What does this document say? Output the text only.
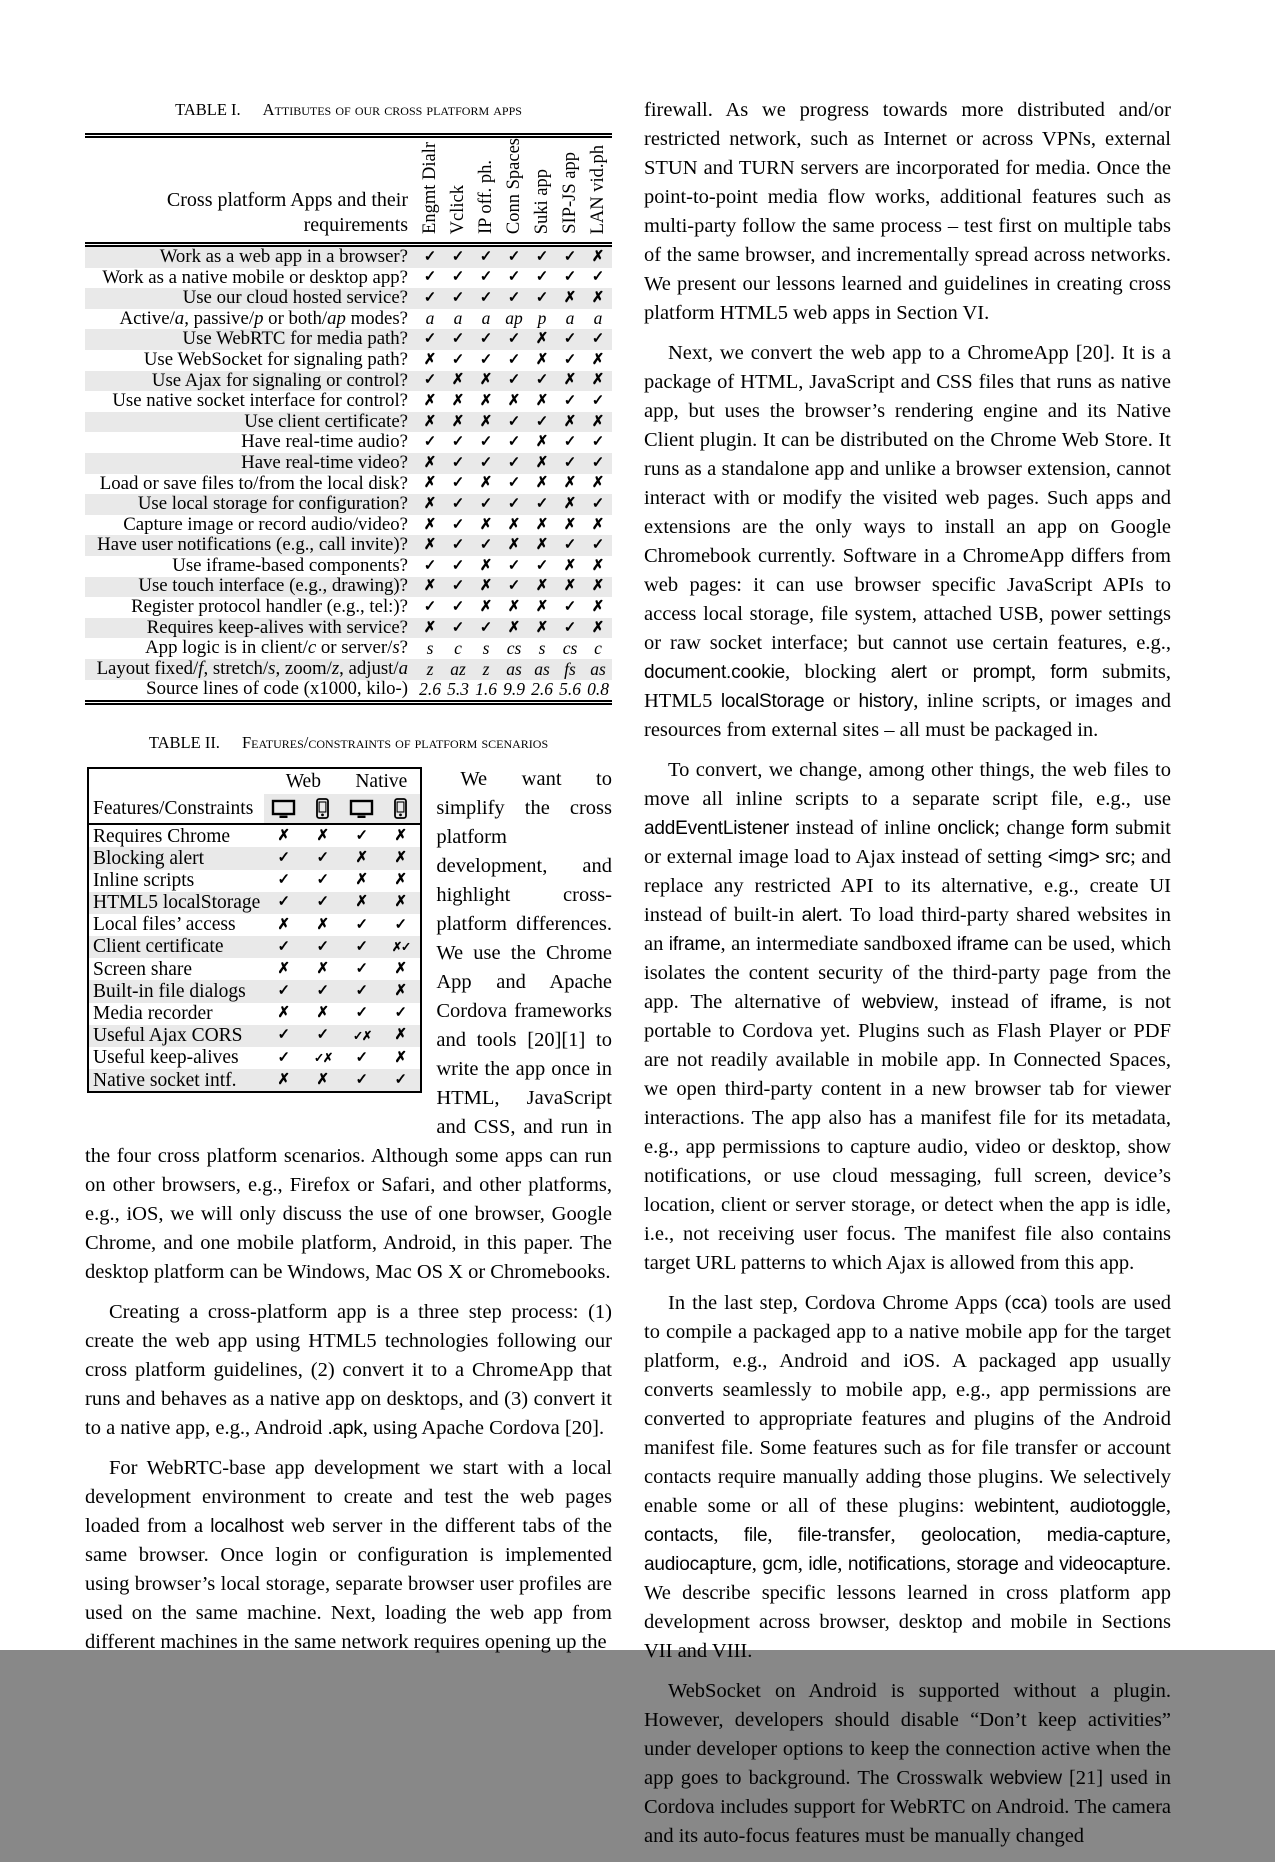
TABLE I. Attibutes of our cross platform apps
Cross platform Apps and their requirements	Engmt Dialr	Vclick	IP off. ph.	Conn Spaces	Suki app	SIP-JS app	LAN vid.ph
Work as a web app in a browser?	✓	✓	✓	✓	✓	✓	✗
Work as a native mobile or desktop app?	✓	✓	✓	✓	✓	✓	✓
Use our cloud hosted service?	✓	✓	✓	✓	✓	✗	✗
Active/a, passive/p or both/ap modes?	a	a	a	ap	p	a	a
Use WebRTC for media path?	✓	✓	✓	✓	✗	✓	✓
Use WebSocket for signaling path?	✗	✓	✓	✓	✗	✓	✗
Use Ajax for signaling or control?	✓	✗	✗	✓	✓	✗	✗
Use native socket interface for control?	✗	✗	✗	✗	✗	✓	✓
Use client certificate?	✗	✗	✗	✓	✓	✗	✗
Have real-time audio?	✓	✓	✓	✓	✗	✓	✓
Have real-time video?	✗	✓	✓	✓	✗	✓	✓
Load or save files to/from the local disk?	✗	✓	✗	✓	✗	✗	✗
Use local storage for configuration?	✗	✓	✓	✓	✓	✗	✓
Capture image or record audio/video?	✗	✓	✗	✗	✗	✗	✗
Have user notifications (e.g., call invite)?	✗	✓	✓	✗	✗	✓	✓
Use iframe-based components?	✓	✓	✗	✓	✓	✗	✗
Use touch interface (e.g., drawing)?	✗	✓	✗	✓	✗	✗	✗
Register protocol handler (e.g., tel:)?	✓	✓	✗	✗	✗	✓	✗
Requires keep-alives with service?	✗	✓	✓	✗	✗	✓	✗
App logic is in client/c or server/s?	s	c	s	cs	s	cs	c
Layout fixed/f, stretch/s, zoom/z, adjust/a	z	az	z	as	as	fs	as
Source lines of code (x1000, kilo-)	2.6	5.3	1.6	9.9	2.6	5.6	0.8
TABLE II. Features/constraints of platform scenarios
	Web		Native	
Features/Constraints				
Requires Chrome	✗	✗	✓	✗
Blocking alert	✓	✓	✗	✗
Inline scripts	✓	✓	✗	✗
HTML5 localStorage	✓	✓	✗	✗
Local files’ access	✗	✗	✓	✓
Client certificate	✓	✓	✓	✗✓
Screen share	✗	✗	✓	✗
Built-in file dialogs	✓	✓	✓	✗
Media recorder	✗	✗	✓	✓
Useful Ajax CORS	✓	✓	✓✗	✗
Useful keep-alives	✓	✓✗	✓	✗
Native socket intf.	✗	✗	✓	✓

We want to simplify the cross platform development, and highlight cross-platform differences. We use the Chrome App and Apache Cordova frameworks and tools [20][1] to write the app once in HTML, JavaScript and CSS, and run in the four cross platform scenarios. Although some apps can run on other browsers, e.g., Firefox or Safari, and other platforms, e.g., iOS, we will only discuss the use of one browser, Google Chrome, and one mobile platform, Android, in this paper. The desktop platform can be Windows, Mac OS X or Chromebooks.

Creating a cross-platform app is a three step process: (1) create the web app using HTML5 technologies following our cross platform guidelines, (2) convert it to a ChromeApp that runs and behaves as a native app on desktops, and (3) convert it to a native app, e.g., Android .apk, using Apache Cordova [20].

For WebRTC-base app development we start with a local development environment to create and test the web pages loaded from a localhost web server in the different tabs of the same browser. Once login or configuration is implemented using browser’s local storage, separate browser user profiles are used on the same machine. Next, loading the web app from different machines in the same network requires opening up the

firewall. As we progress towards more distributed and/or restricted network, such as Internet or across VPNs, external STUN and TURN servers are incorporated for media. Once the point-to-point media flow works, additional features such as multi-party follow the same process – test first on multiple tabs of the same browser, and incrementally spread across networks. We present our lessons learned and guidelines in creating cross platform HTML5 web apps in Section VI.

Next, we convert the web app to a ChromeApp [20]. It is a package of HTML, JavaScript and CSS files that runs as native app, but uses the browser’s rendering engine and its Native Client plugin. It can be distributed on the Chrome Web Store. It runs as a standalone app and unlike a browser extension, cannot interact with or modify the visited web pages. Such apps and extensions are the only ways to install an app on Google Chromebook currently. Software in a ChromeApp differs from web pages: it can use browser specific JavaScript APIs to access local storage, file system, attached USB, power settings or raw socket interface; but cannot use certain features, e.g., document.cookie, blocking alert or prompt, form submits, HTML5 localStorage or history, inline scripts, or images and resources from external sites – all must be packaged in.

To convert, we change, among other things, the web files to move all inline scripts to a separate script file, e.g., use addEventListener instead of inline onclick; change form submit or external image load to Ajax instead of setting <img> src; and replace any restricted API to its alternative, e.g., create UI instead of built-in alert. To load third-party shared websites in an iframe, an intermediate sandboxed iframe can be used, which isolates the content security of the third-party page from the app. The alternative of webview, instead of iframe, is not portable to Cordova yet. Plugins such as Flash Player or PDF are not readily available in mobile app. In Connected Spaces, we open third-party content in a new browser tab for viewer interactions. The app also has a manifest file for its metadata, e.g., app permissions to capture audio, video or desktop, show notifications, or use cloud messaging, full screen, device’s location, client or server storage, or detect when the app is idle, i.e., not receiving user focus. The manifest file also contains target URL patterns to which Ajax is allowed from this app.

In the last step, Cordova Chrome Apps (cca) tools are used to compile a packaged app to a native mobile app for the target platform, e.g., Android and iOS. A packaged app usually converts seamlessly to mobile app, e.g., app permissions are converted to appropriate features and plugins of the Android manifest file. Some features such as for file transfer or account contacts require manually adding those plugins. We selectively enable some or all of these plugins: webintent, audiotoggle, contacts, file, file-transfer, geolocation, media-capture, audiocapture, gcm, idle, notifications, storage and videocapture. We describe specific lessons learned in cross platform app development across browser, desktop and mobile in Sections VII and VIII.

WebSocket on Android is supported without a plugin. However, developers should disable “Don’t keep activities” under developer options to keep the connection active when the app goes to background. The Crosswalk webview [21] used in Cordova includes support for WebRTC on Android. The camera and its auto-focus features must be manually changed
